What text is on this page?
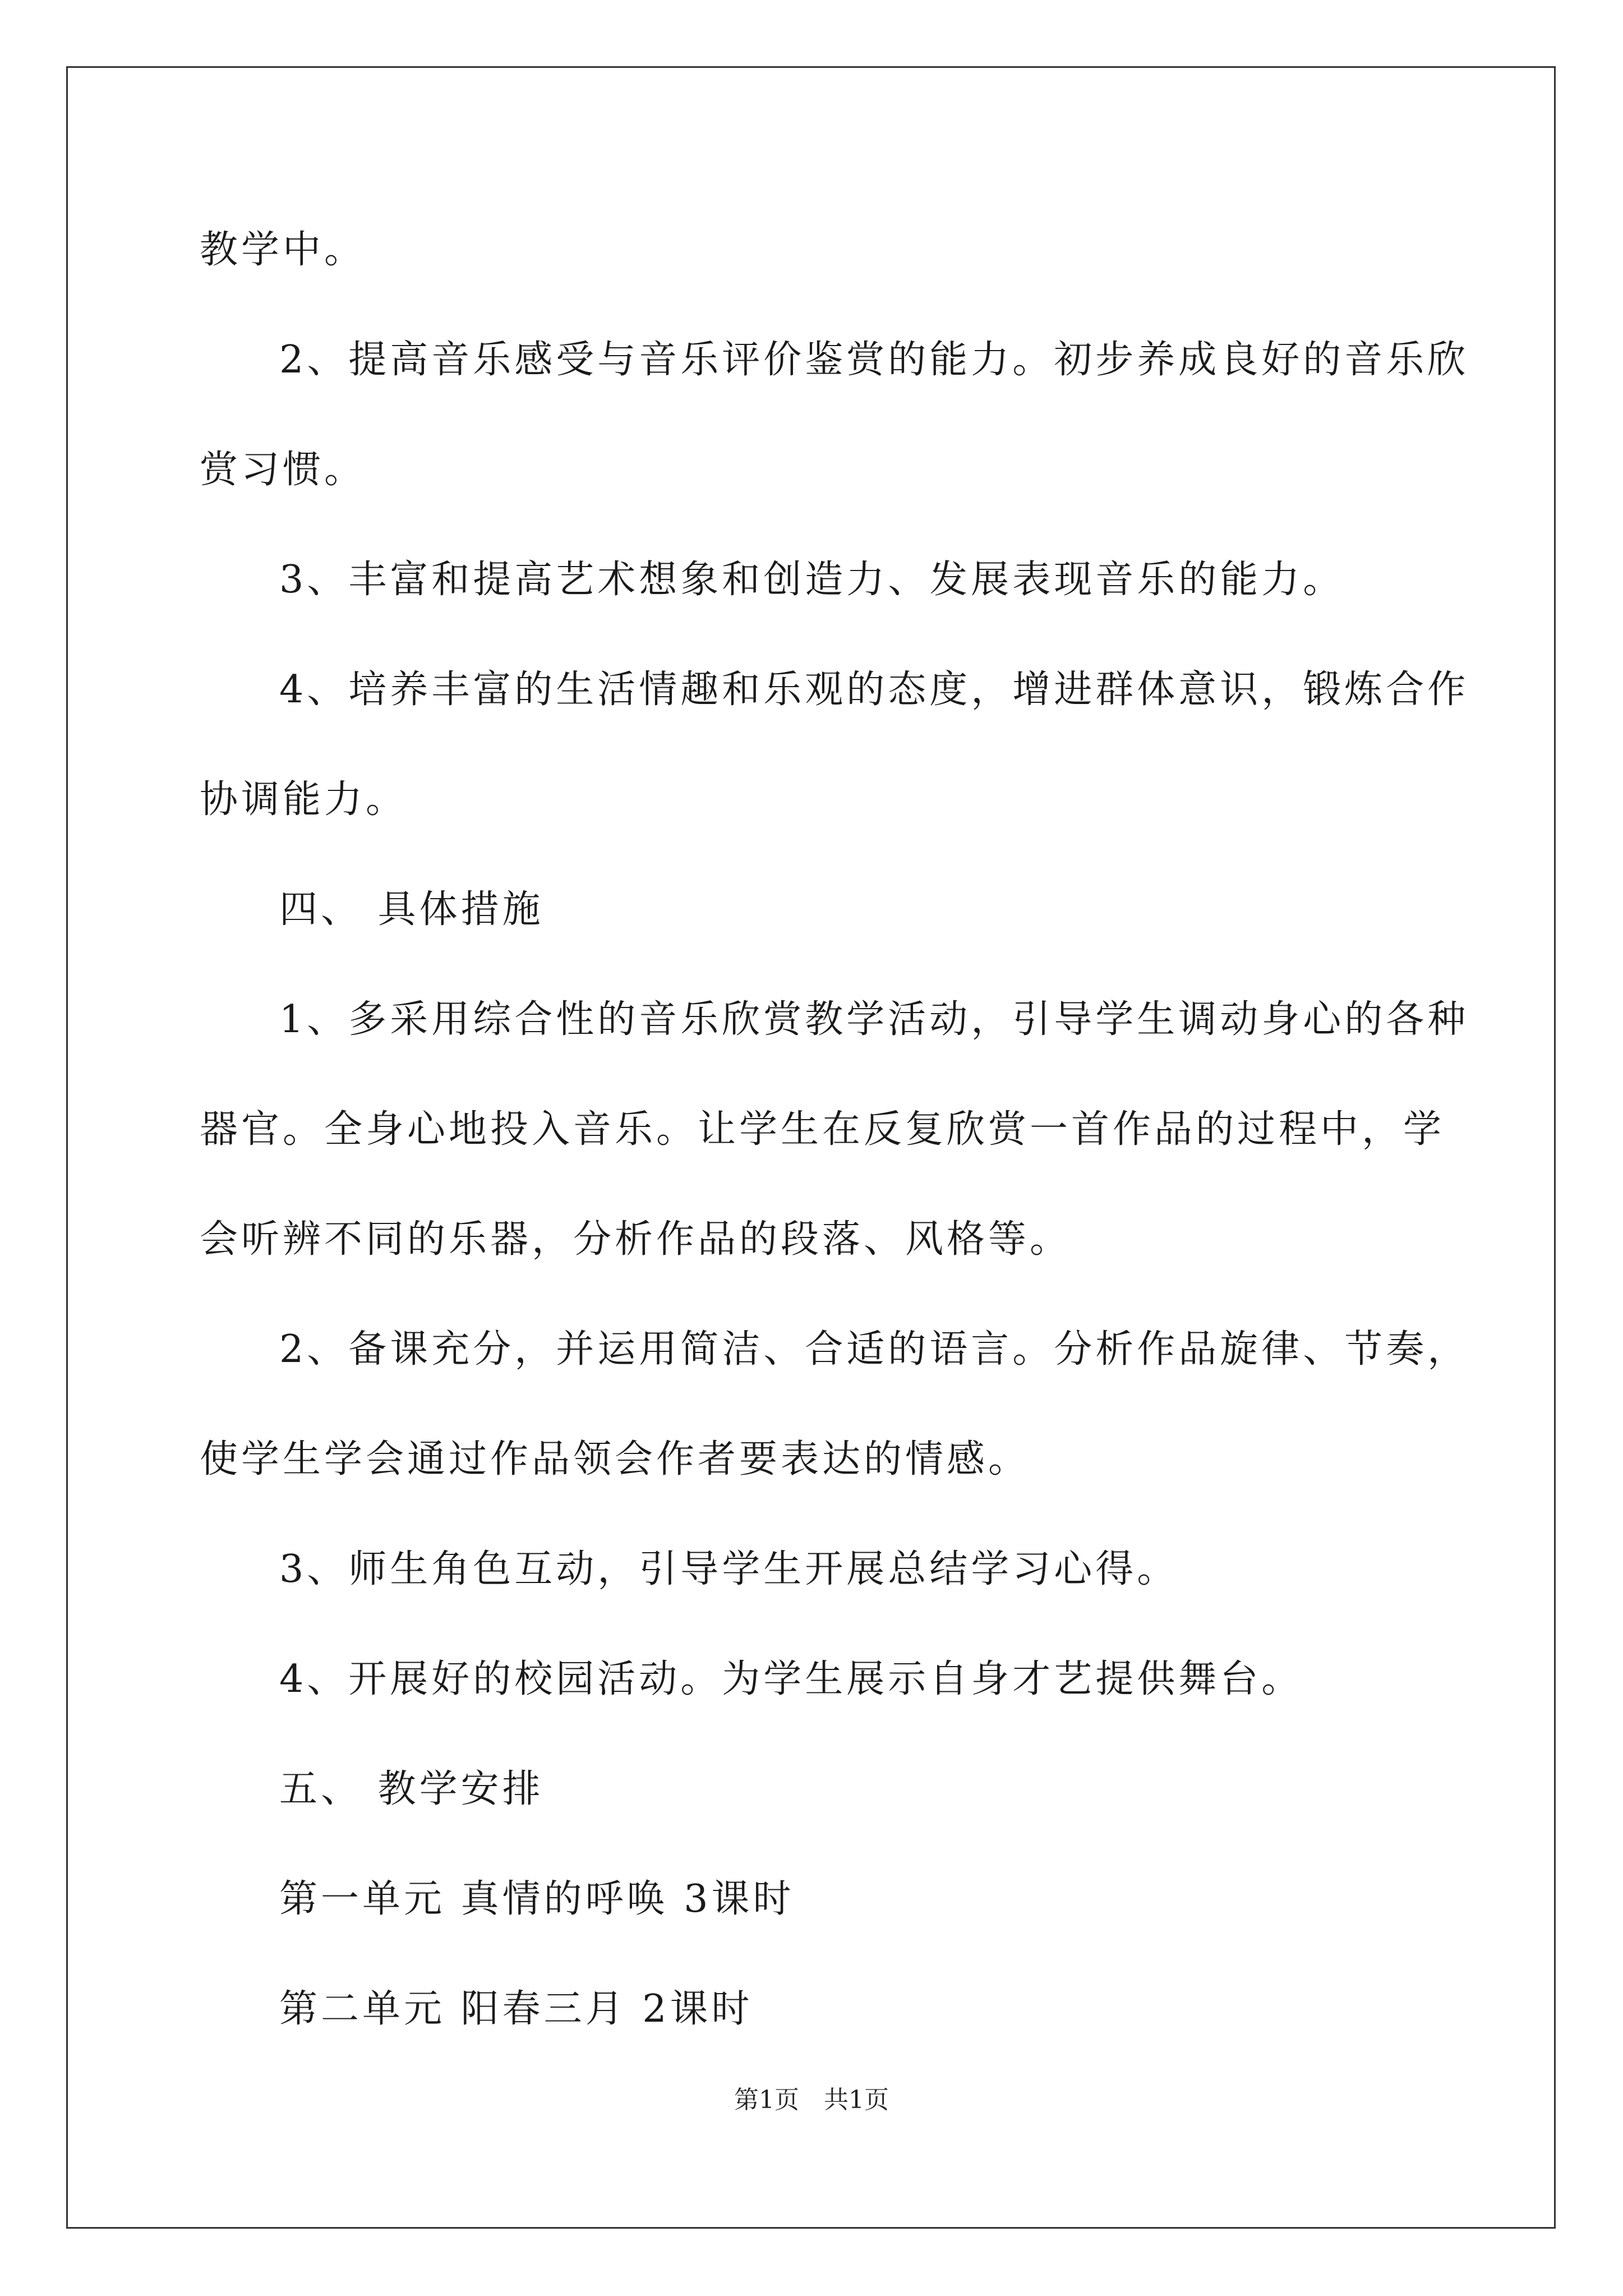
教学中。
2、提高音乐感受与音乐评价鉴赏的能力。初步养成良好的音乐欣
赏习惯。
3、丰富和提高艺术想象和创造力、发展表现音乐的能力。
4、培养丰富的生活情趣和乐观的态度，增进群体意识，锻炼合作
协调能力。
四、 具体措施
1、多采用综合性的音乐欣赏教学活动，引导学生调动身心的各种
器官。全身心地投入音乐。让学生在反复欣赏一首作品的过程中，学
会听辨不同的乐器，分析作品的段落、风格等。
2、备课充分，并运用简洁、合适的语言。分析作品旋律、节奏，
使学生学会通过作品领会作者要表达的情感。
3、师生角色互动，引导学生开展总结学习心得。
4、开展好的校园活动。为学生展示自身才艺提供舞台。
五、 教学安排
第一单元 真情的呼唤 3课时
第二单元 阳春三月 2课时
第1页　共1页
